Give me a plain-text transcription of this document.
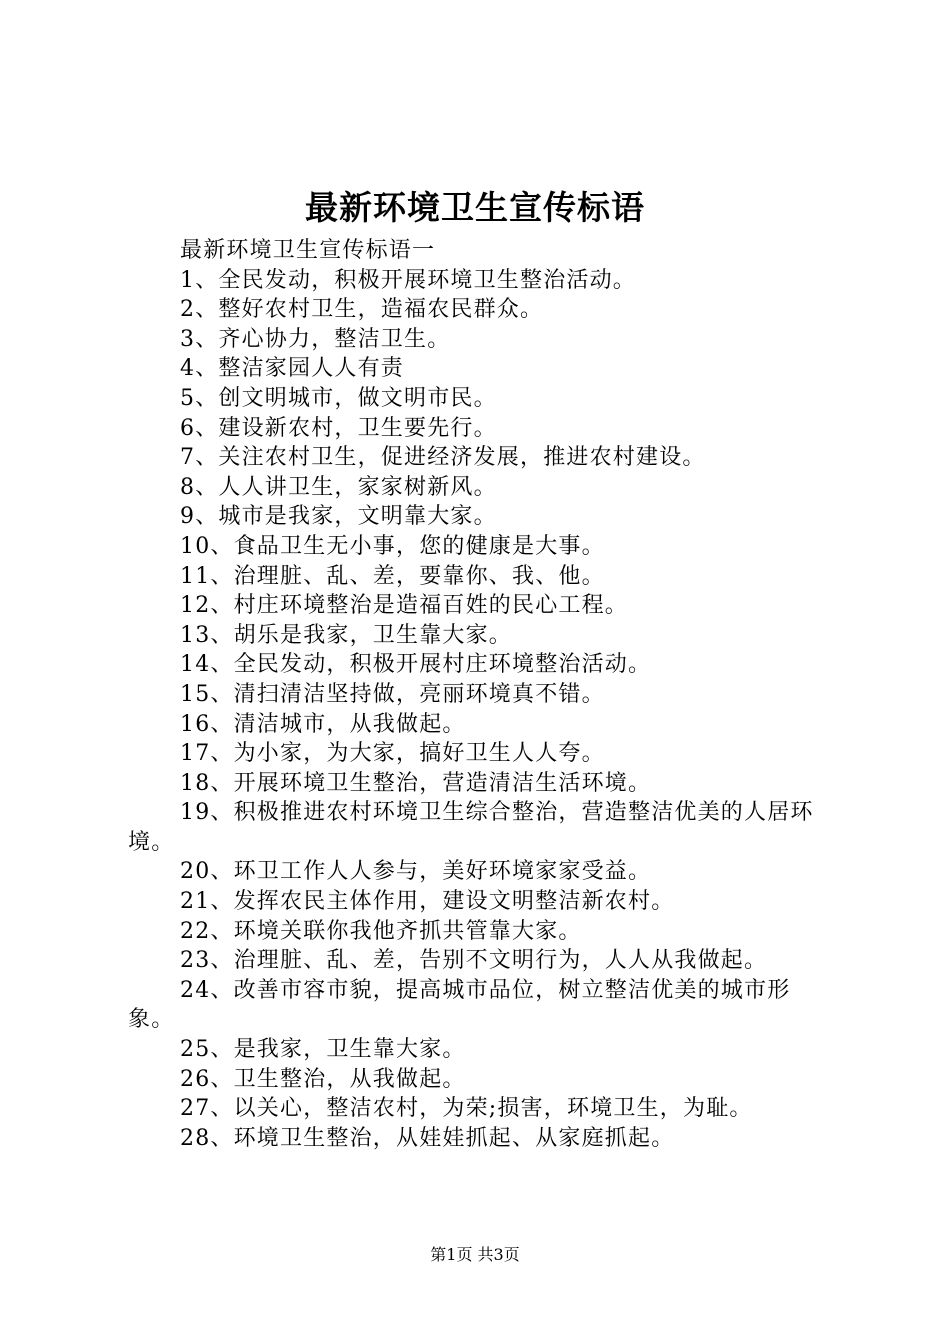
最新环境卫生宣传标语

最新环境卫生宣传标语一

1、全民发动，积极开展环境卫生整治活动。

2、整好农村卫生，造福农民群众。

3、齐心协力，整洁卫生。

4、整洁家园人人有责

5、创文明城市，做文明市民。

6、建设新农村，卫生要先行。

7、关注农村卫生，促进经济发展，推进农村建设。

8、人人讲卫生，家家树新风。

9、城市是我家，文明靠大家。

10、食品卫生无小事，您的健康是大事。

11、治理脏、乱、差，要靠你、我、他。

12、村庄环境整治是造福百姓的民心工程。

13、胡乐是我家，卫生靠大家。

14、全民发动，积极开展村庄环境整治活动。

15、清扫清洁坚持做，亮丽环境真不错。

16、清洁城市，从我做起。

17、为小家，为大家，搞好卫生人人夸。

18、开展环境卫生整治，营造清洁生活环境。

19、积极推进农村环境卫生综合整治，营造整洁优美的人居环境。

20、环卫工作人人参与，美好环境家家受益。

21、发挥农民主体作用，建设文明整洁新农村。

22、环境关联你我他齐抓共管靠大家。

23、治理脏、乱、差，告别不文明行为，人人从我做起。

24、改善市容市貌，提高城市品位，树立整洁优美的城市形象。

25、是我家，卫生靠大家。

26、卫生整治，从我做起。

27、以关心，整洁农村，为荣;损害，环境卫生，为耻。

28、环境卫生整治，从娃娃抓起、从家庭抓起。

第1页 共3页
